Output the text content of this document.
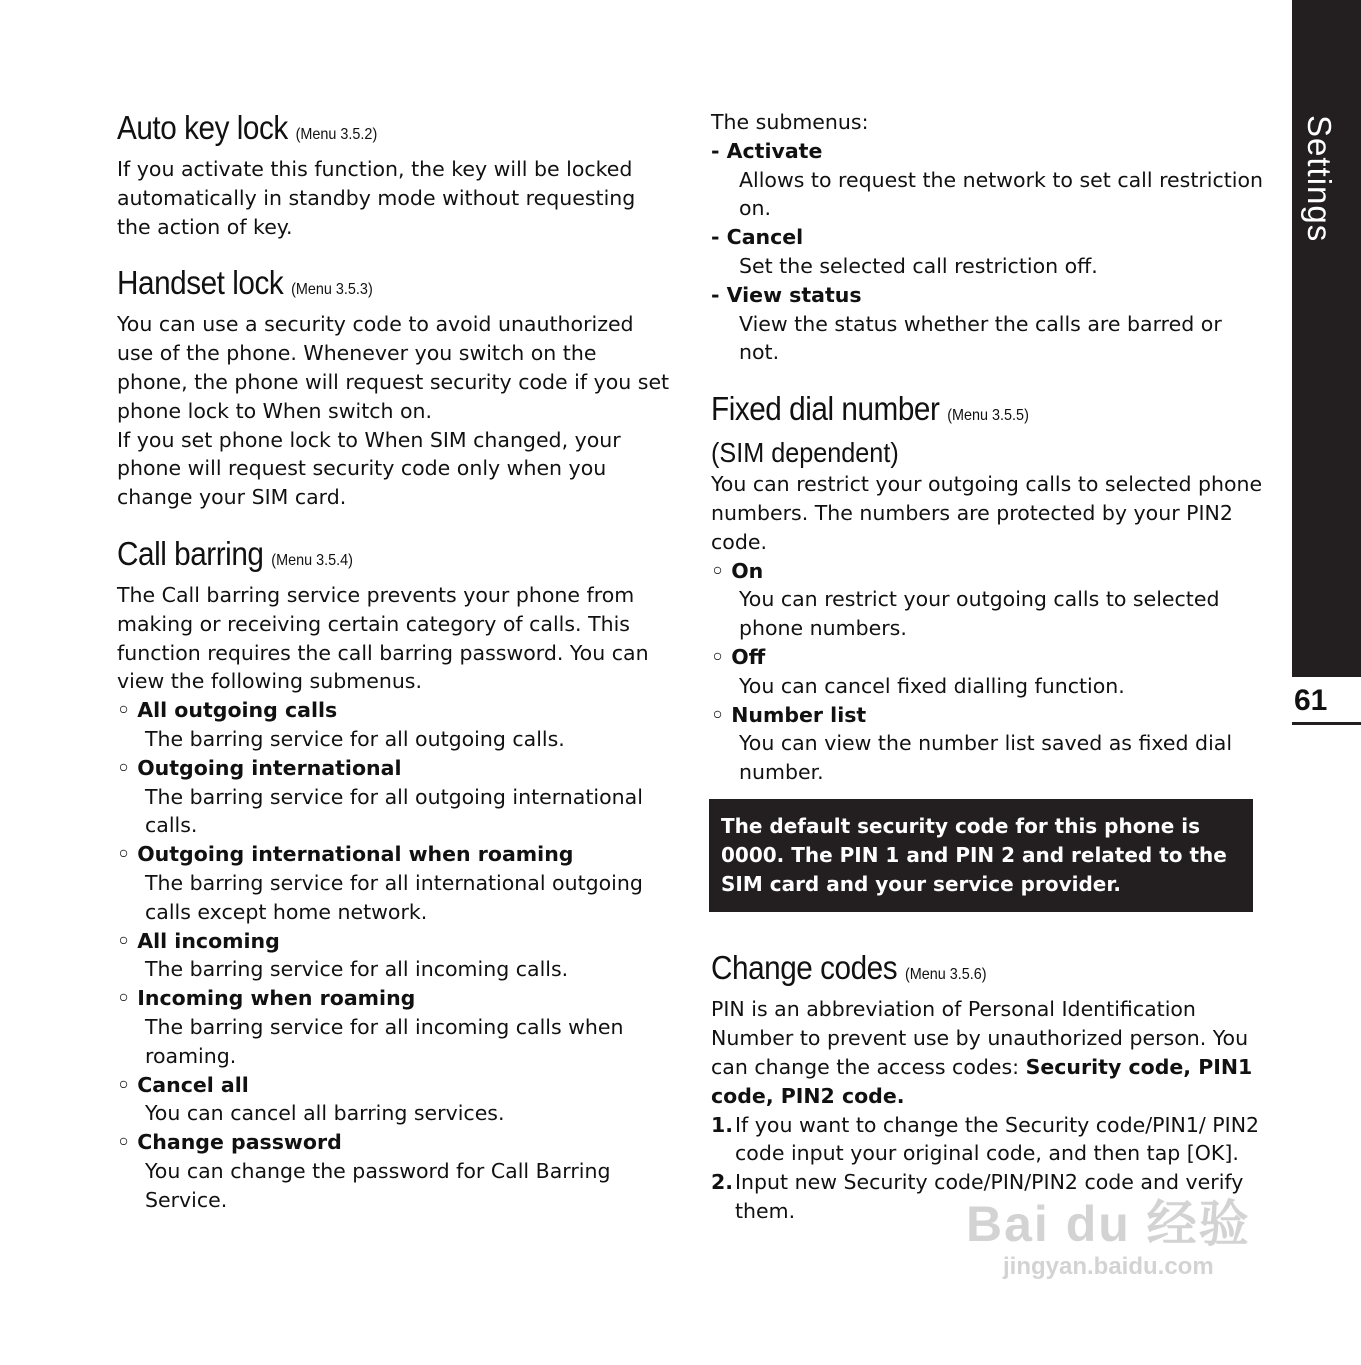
Settings
61
Auto key lock (Menu 3.5.2)

If you activate this function, the key will be locked automatically in standby mode without requesting the action of key.

Handset lock (Menu 3.5.3)

You can use a security code to avoid unauthorized use of the phone. Whenever you switch on the phone, the phone will request security code if you set phone lock to When switch on.

If you set phone lock to When SIM changed, your phone will request security code only when you change your SIM card.

Call barring (Menu 3.5.4)

The Call barring service prevents your phone from making or receiving certain category of calls. This function requires the call barring password. You can view the following submenus.

◦ All outgoing calls

The barring service for all outgoing calls.

◦ Outgoing international

The barring service for all outgoing international calls.

◦ Outgoing international when roaming

The barring service for all international outgoing calls except home network.

◦ All incoming

The barring service for all incoming calls.

◦ Incoming when roaming

The barring service for all incoming calls when roaming.

◦ Cancel all

You can cancel all barring services.

◦ Change password

You can change the password for Call Barring Service.

The submenus:

- Activate

Allows to request the network to set call restriction on.

- Cancel

Set the selected call restriction off.

- View status

View the status whether the calls are barred or not.

Fixed dial number (Menu 3.5.5)

(SIM dependent)

You can restrict your outgoing calls to selected phone numbers. The numbers are protected by your PIN2 code.

◦ On

You can restrict your outgoing calls to selected phone numbers.

◦ Off

You can cancel fixed dialling function.

◦ Number list

You can view the number list saved as fixed dial number.

The default security code for this phone is 0000. The PIN 1 and PIN 2 and related to the SIM card and your service provider.
Change codes (Menu 3.5.6)

PIN is an abbreviation of Personal Identification Number to prevent use by unauthorized person. You can change the access codes: Security code, PIN1 code, PIN2 code.

1. If you want to change the Security code/PIN1/ PIN2 code input your original code, and then tap [OK].
2. Input new Security code/PIN/PIN2 code and verify them.	Bai du 经验
jingyan.baidu.com
